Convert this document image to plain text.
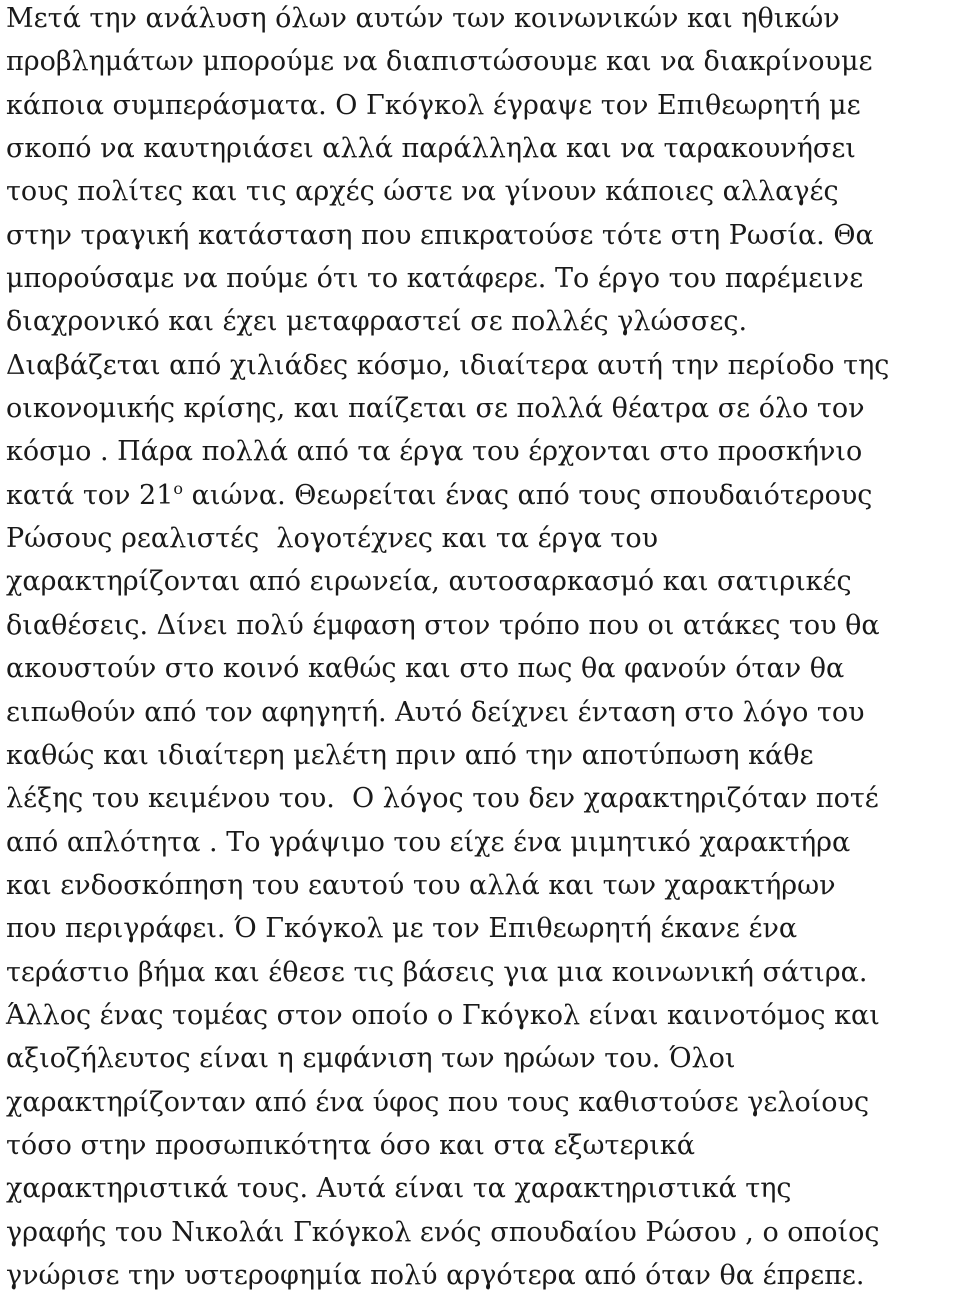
Μετά την ανάλυση όλων αυτών των κοινωνικών και ηθικών
προβλημάτων μπορούμε να διαπιστώσουμε και να διακρίνουμε
κάποια συμπεράσματα. Ο Γκόγκολ έγραψε τον Επιθεωρητή με
σκοπό να καυτηριάσει αλλά παράλληλα και να ταρακουνήσει
τους πολίτες και τις αρχές ώστε να γίνουν κάποιες αλλαγές
στην τραγική κατάσταση που επικρατούσε τότε στη Ρωσία. Θα
μπορούσαμε να πούμε ότι το κατάφερε. Το έργο του παρέμεινε
διαχρονικό και έχει μεταφραστεί σε πολλές γλώσσες.
Διαβάζεται από χιλιάδες κόσμο, ιδιαίτερα αυτή την περίοδο της
οικονομικής κρίσης, και παίζεται σε πολλά θέατρα σε όλο τον
κόσμο . Πάρα πολλά από τα έργα του έρχονται στο προσκήνιο
κατά τον $21^o$ αιώνα. Θεωρείται ένας από τους σπουδαιότερους
Ρώσους ρεαλιστές  λογοτέχνες και τα έργα του
χαρακτηρίζονται από ειρωνεία, αυτοσαρκασμό και σατιρικές
διαθέσεις. Δίνει πολύ έμφαση στον τρόπο που οι ατάκες του θα
ακουστούν στο κοινό καθώς και στο πως θα φανούν όταν θα
ειπωθούν από τον αφηγητή. Αυτό δείχνει ένταση στο λόγο του
καθώς και ιδιαίτερη μελέτη πριν από την αποτύπωση κάθε
λέξης του κειμένου του.  Ο λόγος του δεν χαρακτηριζόταν ποτέ
από απλότητα . Το γράψιμο του είχε ένα μιμητικό χαρακτήρα
και ενδοσκόπηση του εαυτού του αλλά και των χαρακτήρων
που περιγράφει. Ό Γκόγκολ με τον Επιθεωρητή έκανε ένα
τεράστιο βήμα και έθεσε τις βάσεις για μια κοινωνική σάτιρα.
Άλλος ένας τομέας στον οποίο ο Γκόγκολ είναι καινοτόμος και
αξιοζήλευτος είναι η εμφάνιση των ηρώων του. Όλοι
χαρακτηρίζονταν από ένα ύφος που τους καθιστούσε γελοίους
τόσο στην προσωπικότητα όσο και στα εξωτερικά
χαρακτηριστικά τους. Αυτά είναι τα χαρακτηριστικά της
γραφής του Νικολάι Γκόγκολ ενός σπουδαίου Ρώσου , ο οποίος
γνώρισε την υστεροφημία πολύ αργότερα από όταν θα έπρεπε.
